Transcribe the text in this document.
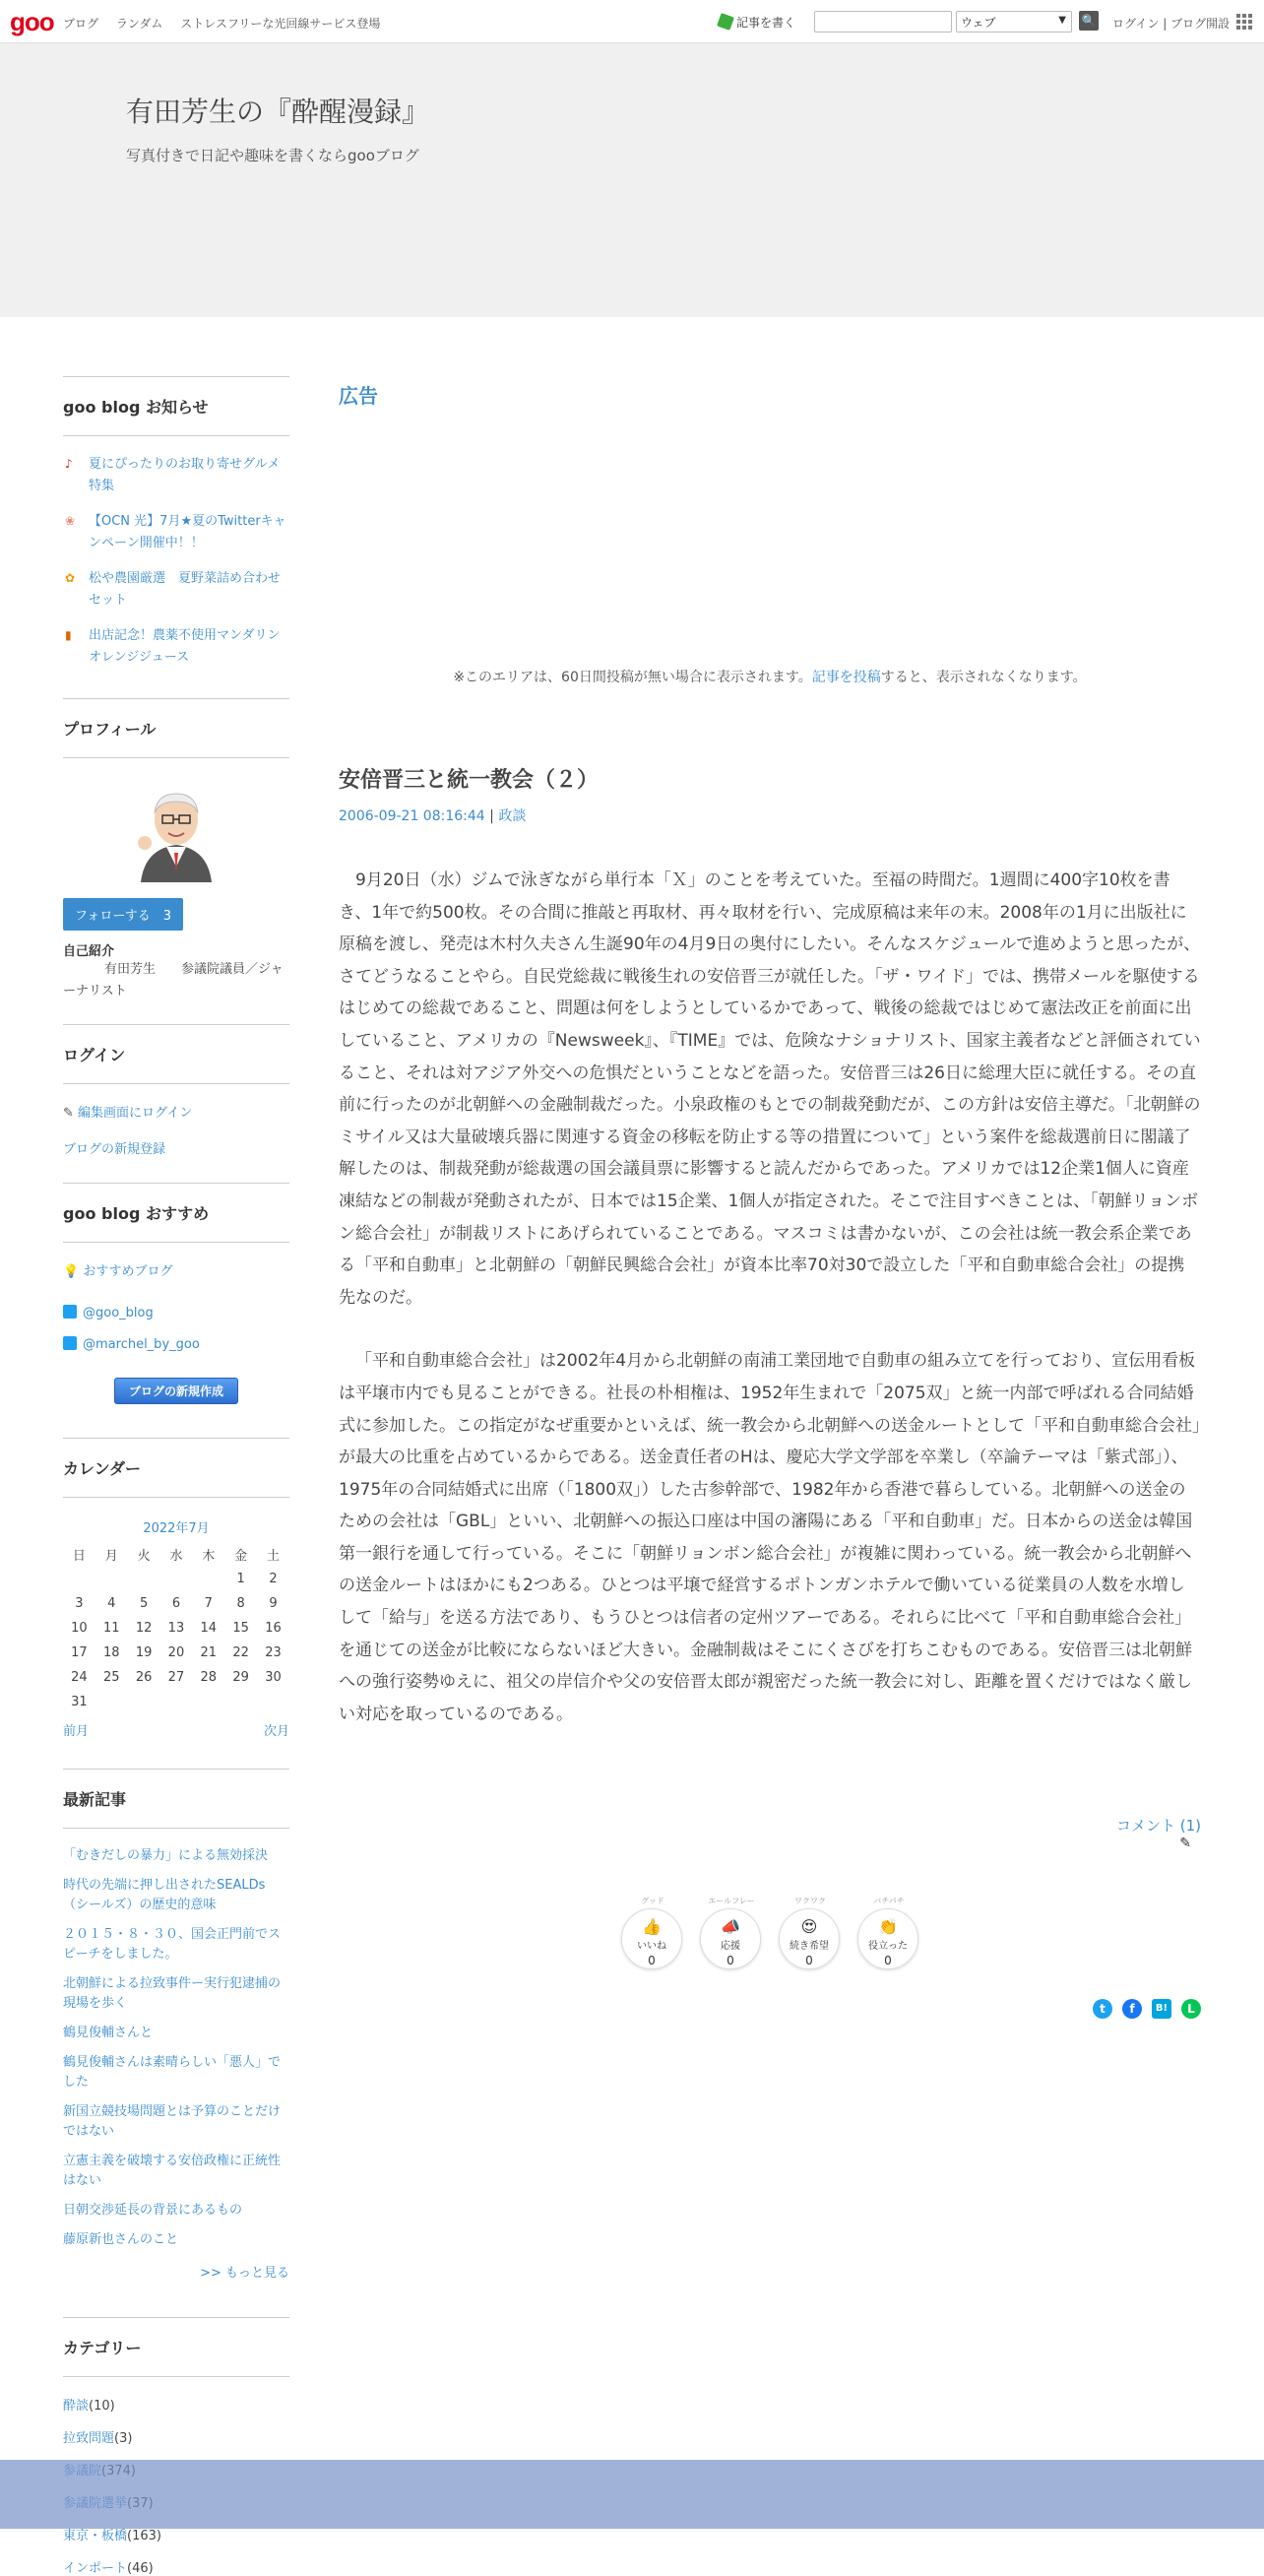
goo ブログ ランダム ストレスフリーな光回線サービス登場	記事を書く	ウェブ	▼ 🔍 ログイン | ブログ開設
有田芳生の『酔醒漫録』
写真付きで日記や趣味を書くならgooブログ
goo blog お知らせ
♪	夏にぴったりのお取り寄せグルメ特集
❀ 【OCN 光】7月★夏のTwitterキャンペーン開催中！！
✿ 松や農園厳選　夏野菜詰め合わせセット
▮	出店記念！農薬不使用マンダリンオレンジジュース
プロフィール
フォローする　 3
自己紹介
有田芳生　　参議院議員／ジャーナリスト
ログイン
✎ 編集画面にログイン
ブログの新規登録
goo blog おすすめ
💡 おすすめブログ
@goo_blog
@marchel_by_goo
ブログの新規作成
カレンダー
2022年7月
日	月	火	水	木	金	土
					1	2
3	4	5	6	7	8	9
10	11	12	13	14	15	16
17	18	19	20	21	22	23
24	25	26	27	28	29	30
31						
前月	次月
最新記事
「むきだしの暴力」による無効採決
時代の先端に押し出されたSEALDs（シールズ）の歴史的意味
２０１５・８・３０、国会正門前でスピーチをしました。
北朝鮮による拉致事件ー実行犯逮捕の現場を歩く
鶴見俊輔さんと
鶴見俊輔さんは素晴らしい「悪人」でした
新国立競技場問題とは予算のことだけではない
立憲主義を破壊する安倍政権に正統性はない
日朝交渉延長の背景にあるもの
藤原新也さんのこと
>> もっと見る
カテゴリー
酔談(10)
拉致問題(3)
東京・板橋(163)
インポート(46)
広告
※このエリアは、60日間投稿が無い場合に表示されます。記事を投稿すると、表示されなくなります。
安倍晋三と統一教会（２）
2006-09-21 08:16:44 | 政談
9月20日（水）ジムで泳ぎながら単行本「Ｘ」のことを考えていた。至福の時間だ。1週間に400字10枚を書き、1年で約500枚。その合間に推敲と再取材、再々取材を行い、完成原稿は来年の末。2008年の1月に出版社に原稿を渡し、発売は木村久夫さん生誕90年の4月9日の奥付にしたい。そんなスケジュールで進めようと思ったが、さてどうなることやら。自民党総裁に戦後生れの安倍晋三が就任した。「ザ・ワイド」では、携帯メールを駆使するはじめての総裁であること、問題は何をしようとしているかであって、戦後の総裁ではじめて憲法改正を前面に出していること、アメリカの『Newsweek』、『TIME』では、危険なナショナリスト、国家主義者などと評価されていること、それは対アジア外交への危惧だということなどを語った。安倍晋三は26日に総理大臣に就任する。その直前に行ったのが北朝鮮への金融制裁だった。小泉政権のもとでの制裁発動だが、この方針は安倍主導だ。「北朝鮮のミサイル又は大量破壊兵器に関連する資金の移転を防止する等の措置について」という案件を総裁選前日に閣議了解したのは、制裁発動が総裁選の国会議員票に影響すると読んだからであった。アメリカでは12企業1個人に資産凍結などの制裁が発動されたが、日本では15企業、1個人が指定された。そこで注目すべきことは、「朝鮮リョンボン総合会社」が制裁リストにあげられていることである。マスコミは書かないが、この会社は統一教会系企業である「平和自動車」と北朝鮮の「朝鮮民興総合会社」が資本比率70対30で設立した「平和自動車総合会社」の提携先なのだ。
「平和自動車総合会社」は2002年4月から北朝鮮の南浦工業団地で自動車の組み立てを行っており、宣伝用看板は平壌市内でも見ることができる。社長の朴相権は、1952年生まれで「2075双」と統一内部で呼ばれる合同結婚式に参加した。この指定がなぜ重要かといえば、統一教会から北朝鮮への送金ルートとして「平和自動車総合会社」が最大の比重を占めているからである。送金責任者のHは、慶応大学文学部を卒業し（卒論テーマは「紫式部」）、1975年の合同結婚式に出席（「1800双」）した古参幹部で、1982年から香港で暮らしている。北朝鮮への送金のための会社は「GBL」といい、北朝鮮への振込口座は中国の瀋陽にある「平和自動車」だ。日本からの送金は韓国第一銀行を通して行っている。そこに「朝鮮リョンボン総合会社」が複雑に関わっている。統一教会から北朝鮮への送金ルートはほかにも2つある。ひとつは平壌で経営するポトンガンホテルで働いている従業員の人数を水増しして「給与」を送る方法であり、もうひとつは信者の定州ツアーである。それらに比べて「平和自動車総合会社」を通じての送金が比較にならないほど大きい。金融制裁はそこにくさびを打ちこむものである。安倍晋三は北朝鮮への強行姿勢ゆえに、祖父の岸信介や父の安倍晋太郎が親密だった統一教会に対し、距離を置くだけではなく厳しい対応を取っているのである。
コメント (1)
✎
グッド
👍
いいね
0
エールフレー
📣
応援
0
ワクワク
😍
続き希望
0
バチパチ
👏
役立った
0
t	f	B!	L
